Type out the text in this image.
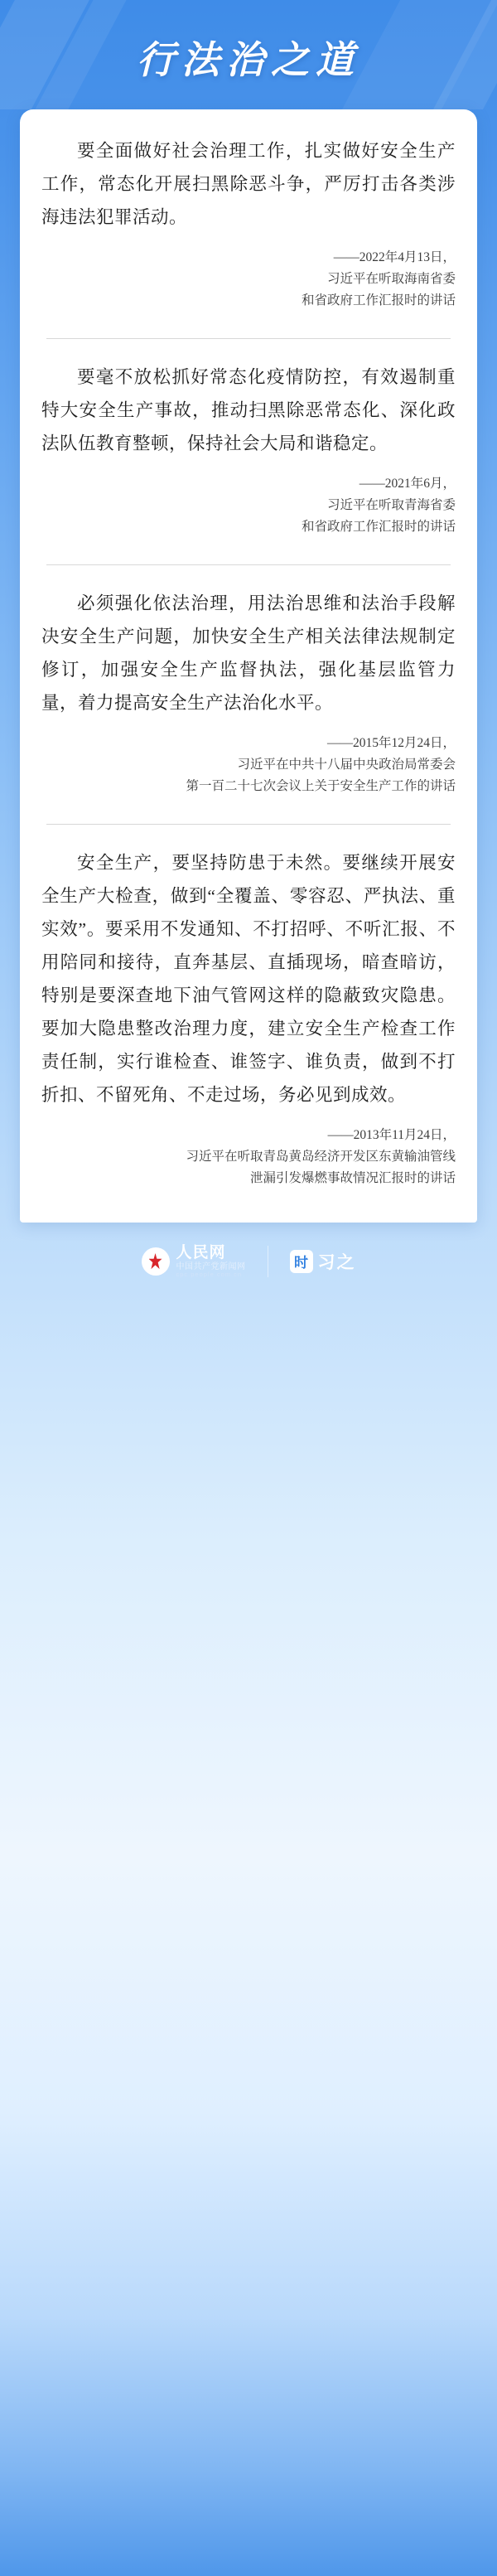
行法治之道
要全面做好社会治理工作，扎实做好安全生产工作，常态化开展扫黑除恶斗争，严厉打击各类涉海违法犯罪活动。
——2022年4月13日，
习近平在听取海南省委
和省政府工作汇报时的讲话
要毫不放松抓好常态化疫情防控，有效遏制重特大安全生产事故，推动扫黑除恶常态化、深化政法队伍教育整顿，保持社会大局和谐稳定。
——2021年6月，
习近平在听取青海省委
和省政府工作汇报时的讲话
必须强化依法治理，用法治思维和法治手段解决安全生产问题，加快安全生产相关法律法规制定修订，加强安全生产监督执法，强化基层监管力量，着力提高安全生产法治化水平。
——2015年12月24日，
习近平在中共十八届中央政治局常委会
第一百二十七次会议上关于安全生产工作的讲话
安全生产，要坚持防患于未然。要继续开展安全生产大检查，做到“全覆盖、零容忍、严执法、重实效”。要采用不发通知、不打招呼、不听汇报、不用陪同和接待，直奔基层、直插现场，暗查暗访，特别是要深查地下油气管网这样的隐蔽致灾隐患。要加大隐患整改治理力度，建立安全生产检查工作责任制，实行谁检查、谁签字、谁负责，做到不打折扣、不留死角、不走过场，务必见到成效。
——2013年11月24日，
习近平在听取青岛黄岛经济开发区东黄输油管线
泄漏引发爆燃事故情况汇报时的讲话
人民网
中国共产党新闻网
cpc.people.com.cn
时 习之
